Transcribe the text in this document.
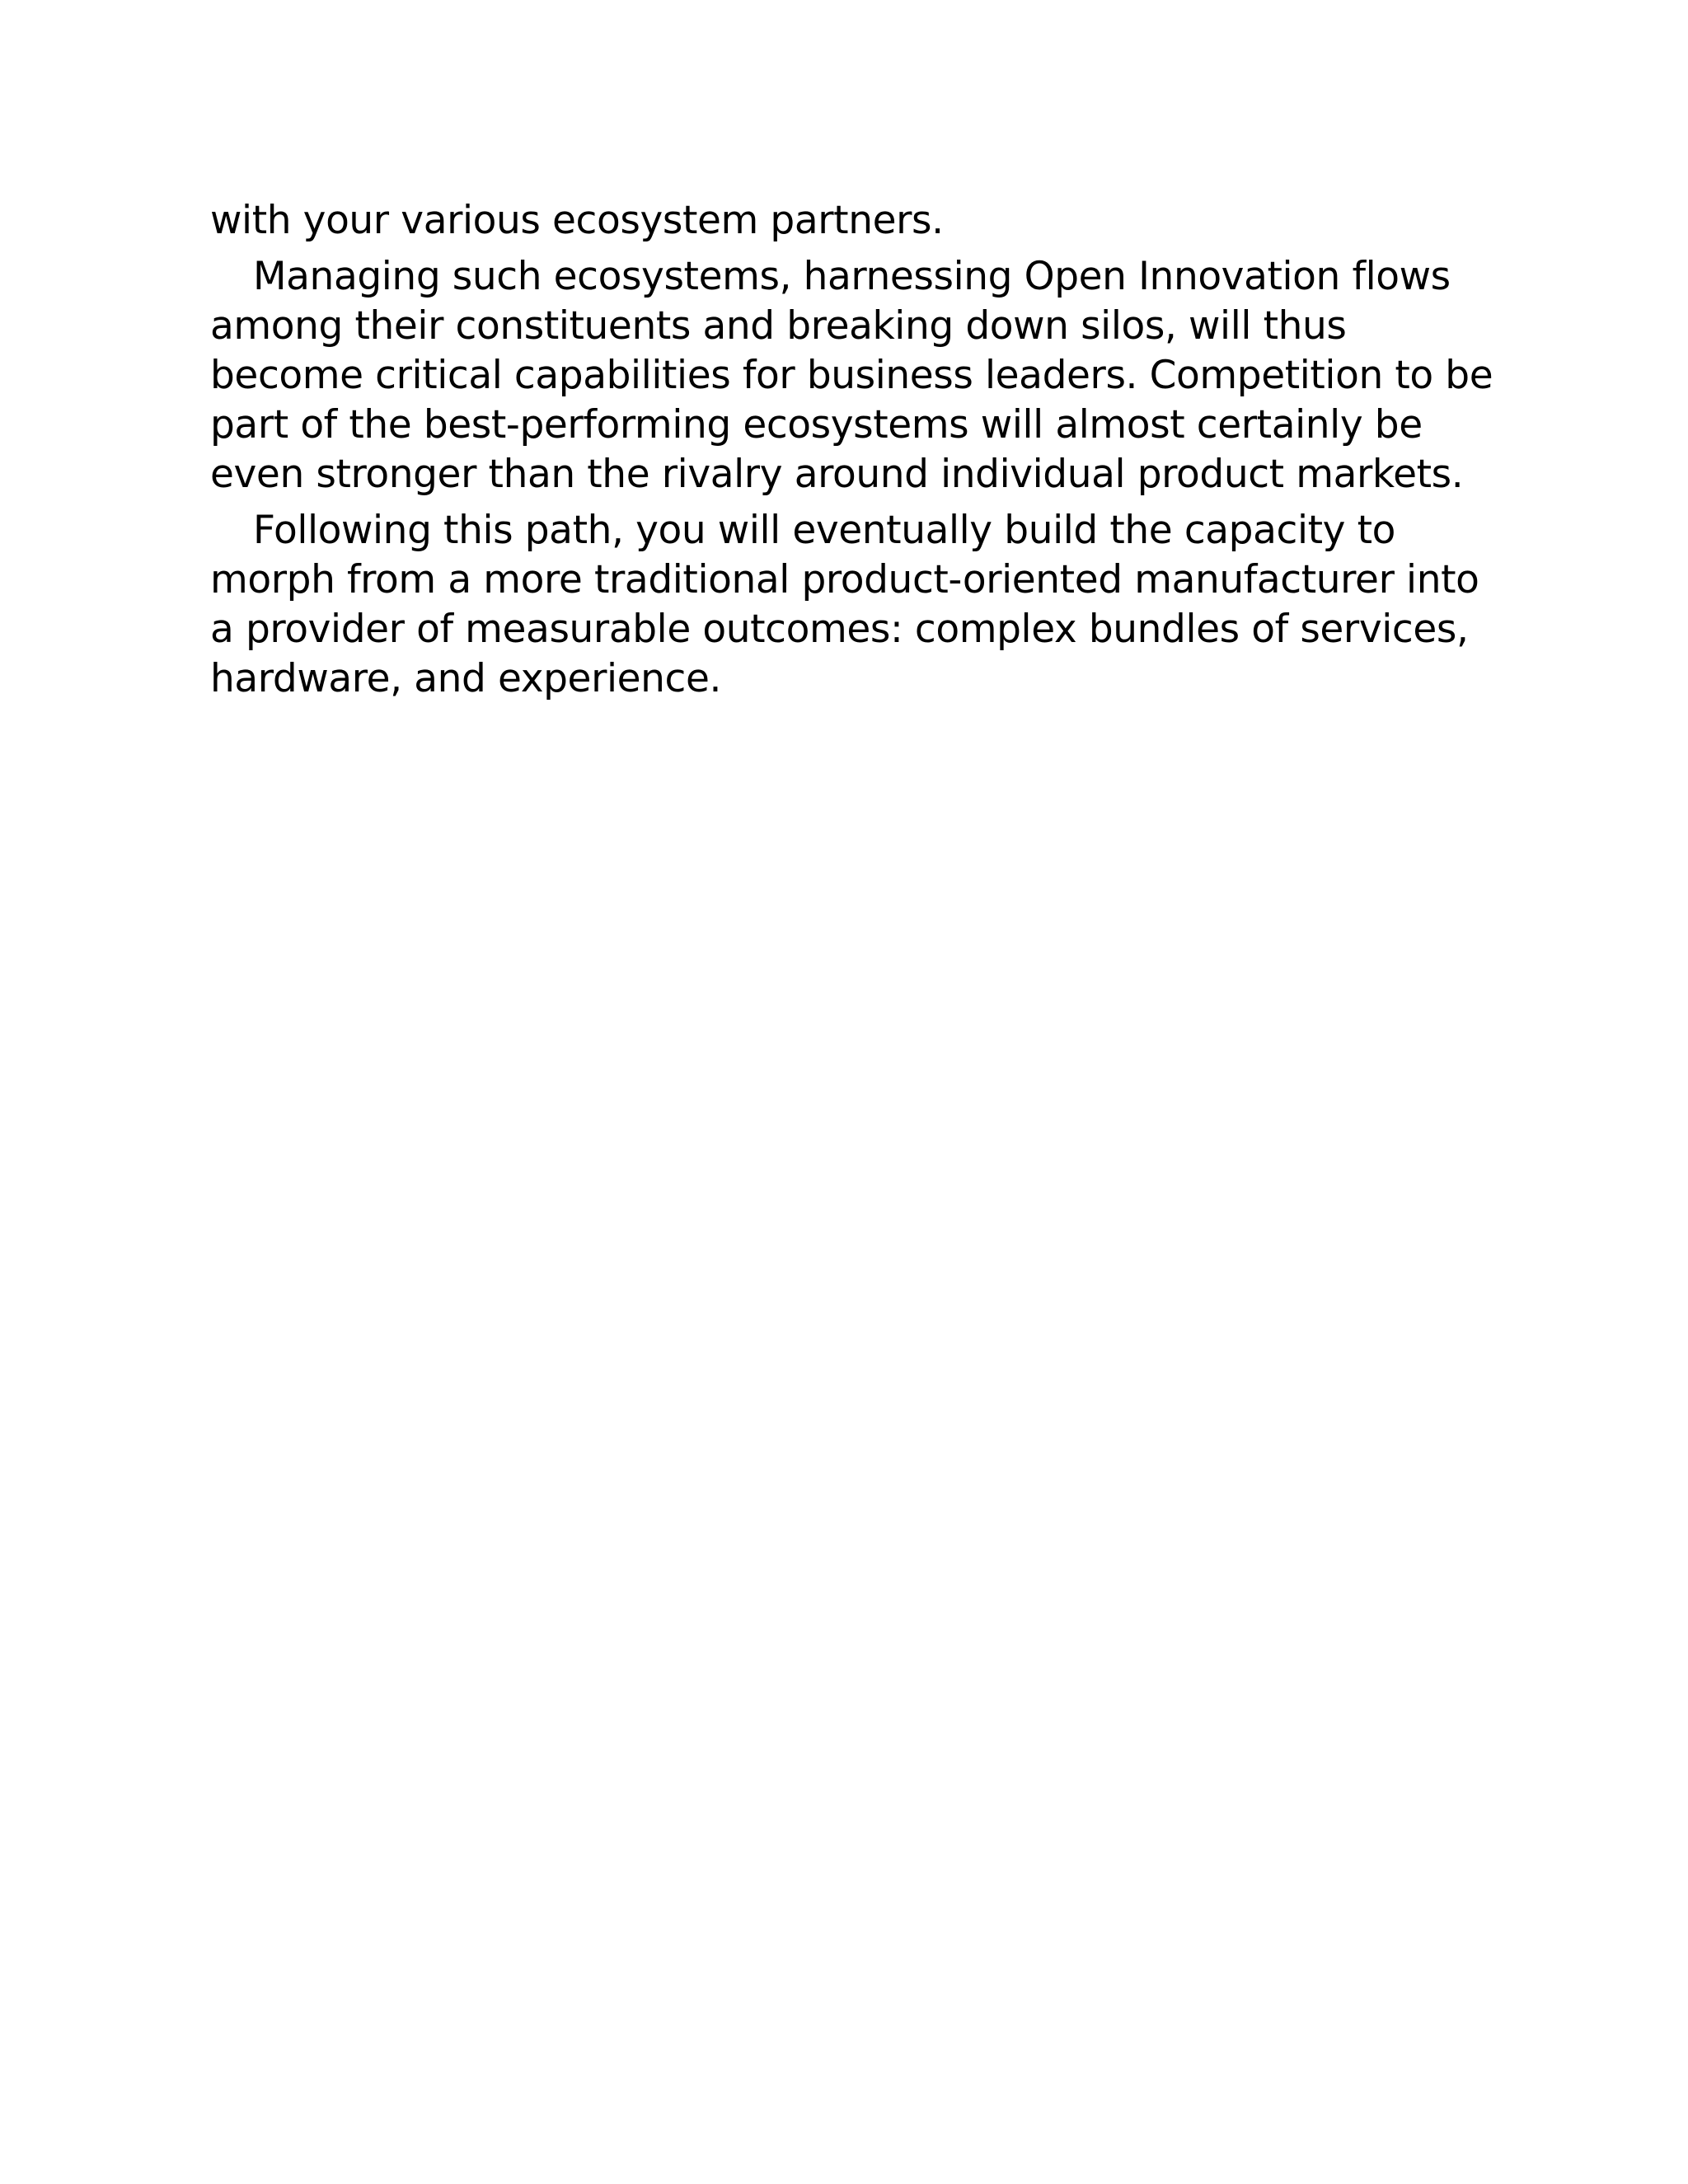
with your various ecosystem partners.

Managing such ecosystems, harnessing Open Innovation flows among their constituents and breaking down silos, will thus become critical capabilities for business leaders. Competition to be part of the best-performing ecosystems will almost certainly be even stronger than the rivalry around individual product markets.

Following this path, you will eventually build the capacity to morph from a more traditional product-oriented manufacturer into a provider of measurable outcomes: complex bundles of services, hardware, and experience.
